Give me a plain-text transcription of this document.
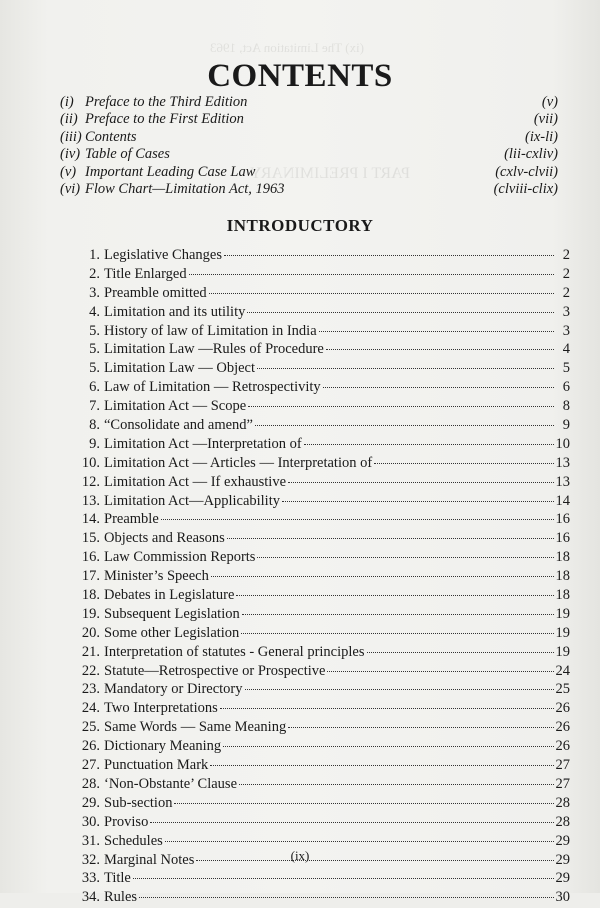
(ix) The Limitation Act, 1963
PART I PRELIMINARY
CONTENTS
(i) Preface to the Third Edition	(v)
(ii) Preface to the First Edition	(vii)
(iii) Contents	(ix-li)
(iv) Table of Cases	(lii-cxliv)
(v) Important Leading Case Law	(cxlv-clvii)
(vi) Flow Chart—Limitation Act, 1963	(clviii-clix)
INTRODUCTORY
1. Legislative Changes	2
2. Title Enlarged	2
3. Preamble omitted	2
4. Limitation and its utility	3
5. History of law of Limitation in India	3
5. Limitation Law —Rules of Procedure	4
5. Limitation Law — Object	5
6. Law of Limitation — Retrospectivity	6
7. Limitation Act — Scope	8
8. “Consolidate and amend”	9
9. Limitation Act —Interpretation of	10
10. Limitation Act — Articles — Interpretation of	13
12. Limitation Act — If exhaustive	13
13. Limitation Act—Applicability	14
14. Preamble	16
15. Objects and Reasons	16
16. Law Commission Reports	18
17. Minister’s Speech	18
18. Debates in Legislature	18
19. Subsequent Legislation	19
20. Some other Legislation	19
21. Interpretation of statutes - General principles	19
22. Statute—Retrospective or Prospective	24
23. Mandatory or Directory	25
24. Two Interpretations	26
25. Same Words — Same Meaning	26
26. Dictionary Meaning	26
27. Punctuation Mark	27
28. ‘Non-Obstante’ Clause	27
29. Sub-section	28
30. Proviso	28
31. Schedules	29
32. Marginal Notes	29
33. Title	29
34. Rules	30
(ix)
